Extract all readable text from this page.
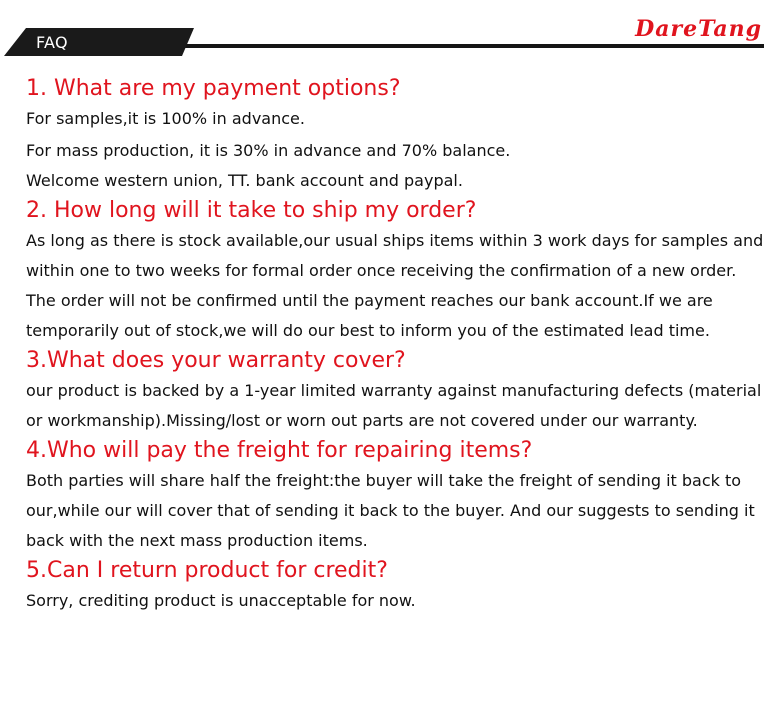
FAQ
DareTang
1. What are my payment options?

For samples,it is 100% in advance.

For mass production, it is 30% in advance and 70% balance.

Welcome western union, TT. bank account and paypal.

2. How long will it take to ship my order?

As long as there is stock available,our usual ships items within 3 work days for samples and within one to two weeks for formal order once receiving the confirmation of a new order. The order will not be confirmed until the payment reaches our bank account.If we are temporarily out of stock,we will do our best to inform you of the estimated lead time.

3.What does your warranty cover?

our product is backed by a 1-year limited warranty against manufacturing defects (material or workmanship).Missing/lost or worn out parts are not covered under our warranty.

4.Who will pay the freight for repairing items?

Both parties will share half the freight:the buyer will take the freight of sending it back to our,while our will cover that of sending it back to the buyer. And our suggests to sending it back with the next mass production items.

5.Can I return product for credit?

Sorry, crediting product is unacceptable for now.
